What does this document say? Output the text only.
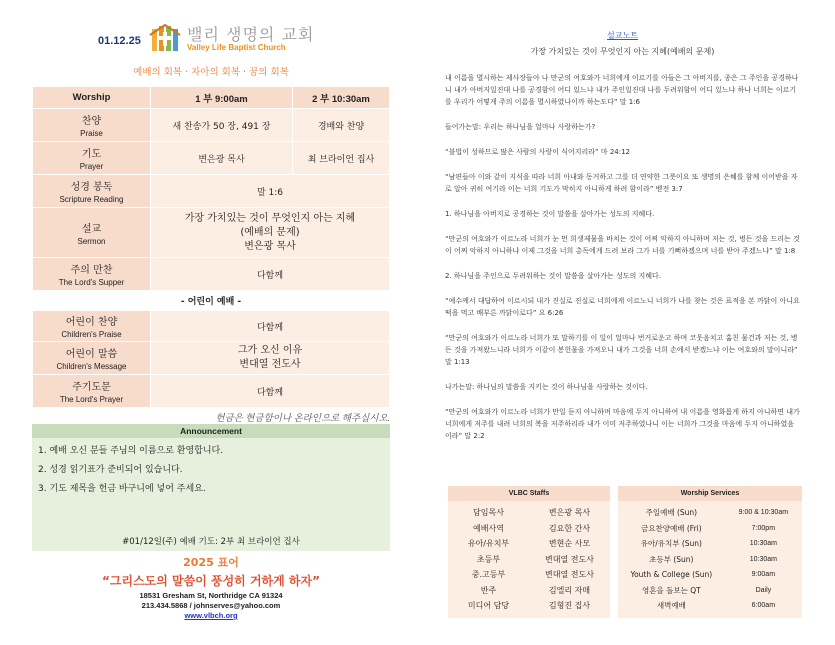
01.12.25	밸리 생명의 교회
Valley Life Baptist Church
예배의 회복 · 자아의 회복 · 꿈의 회복
Worship	1 부 9:00am	2 부 10:30am

찬양
Praise	새 찬송가 50 장, 491 장	경배와 찬양

기도
Prayer	변은광 목사	최 브라이언 집사

성경 봉독
Scripture Reading	말 1:6	

설교
Sermon	가장 가치있는 것이 무엇인지 아는 지혜
(예배의 문제)
변은광 목사	

주의 만찬
The Lord's Supper	다함께	
- 어린이 예배 -		

어린이 찬양
Children's Praise	다함께	

어린이 말씀
Children's Message	그가 오신 이유
변대열 전도사	

주기도문
The Lord's Prayer	다함께	
헌금은 현금함이나 온라인으로 해주십시오.
Announcement

1. 예배 오신 분들 주님의 이름으로 환영합니다.

2. 성경 읽기표가 준비되어 있습니다.

3. 기도 제목을 헌금 바구니에 넣어 주세요.

#01/12일(주) 예배 기도: 2부 최 브라이언 집사
2025 표어
“그리스도의 말씀이 풍성히 거하게 하자”
18531 Gresham St, Northridge CA 91324
213.434.5868 / johnserves@yahoo.com
www.vlbch.org
설교노트
가장 가치있는 것이 무엇인지 아는 지혜(예배의 문제)
내 이름을 멸시하는 제사장들아 나 만군의 여호와가 너희에게 이르기를 아들은 그 아버지를, 종은 그 주인을 공경하나니 내가 아버지일진대 나를 공경함이 어디 있느냐 내가 주인일진대 나를 두려워함이 어디 있느냐 하나 너희는 이르기를 우리가 어떻게 주의 이름을 멸시하였나이까 하는도다” 말 1:6
들어가는말: 우리는 하나님을 얼마나 사랑하는가?
“불법이 성하므로 많은 사람의 사랑이 식어지리라” 마 24:12
“남편들아 이와 같이 지식을 따라 너희 아내와 동거하고 그를 더 연약한 그릇이요 또 생명의 은혜를 함께 이어받을 자로 알아 귀히 여기라 이는 너희 기도가 막히지 아니하게 하려 함이라” 벧전 3:7
1. 하나님을 아버지로 공경하는 것이 말씀을 살아가는 성도의 지혜다.
“만군의 여호와가 이르노라 너희가 눈 먼 희생제물을 바치는 것이 어찌 악하지 아니하며 저는 것, 병든 것을 드리는 것이 어찌 악하지 아니하냐 이제 그것을 너희 총독에게 드려 보라 그가 너를 기뻐하겠으며 너를 받아 주겠느냐” 말 1:8
2. 하나님을 주인으로 두려워하는 것이 말씀을 살아가는 성도의 지혜다.
“예수께서 대답하여 이르시되 내가 진실로 진실로 너희에게 이르노니 너희가 나를 찾는 것은 표적을 본 까닭이 아니요 떡을 먹고 배부른 까닭이로다” 요 6:26
“만군의 여호와가 이르노라 너희가 또 말하기를 이 일이 얼마나 번거로운고 하며 코웃음치고 훔친 물건과 저는 것, 병든 것을 가져왔느니라 너희가 이같이 봉헌물을 가져오니 내가 그것을 너희 손에서 받겠느냐 이는 여호와의 말이니라” 말 1:13
나가는말: 하나님의 말씀을 지키는 것이 하나님을 사랑하는 것이다.
“만군의 여호와가 이르노라 너희가 만일 듣지 아니하며 마음에 두지 아니하여 내 이름을 영화롭게 하지 아니하면 내가 너희에게 저주를 내려 너희의 복을 저주하리라 내가 이미 저주하였나니 이는 너희가 그것을 마음에 두지 아니하였음이라” 말 2:2
VLBC Staffs
담임목사	변은광 목사
예배사역	김요한 간사
유아/유치부	변현순 사모
초등부	변대열 전도사
중.고등부	변대열 전도사
반주	김엘리 자매
미디어 담당	김형진 집사
Worship Services
주일예배 (Sun)	9:00 & 10:30am
금요찬양예배 (Fri)	7:00pm
유아/유치부 (Sun)	10:30am
초등부 (Sun)	10:30am
Youth & College (Sun)	9:00am
영혼을 돌보는 QT	Daily
새벽예배	6:00am
